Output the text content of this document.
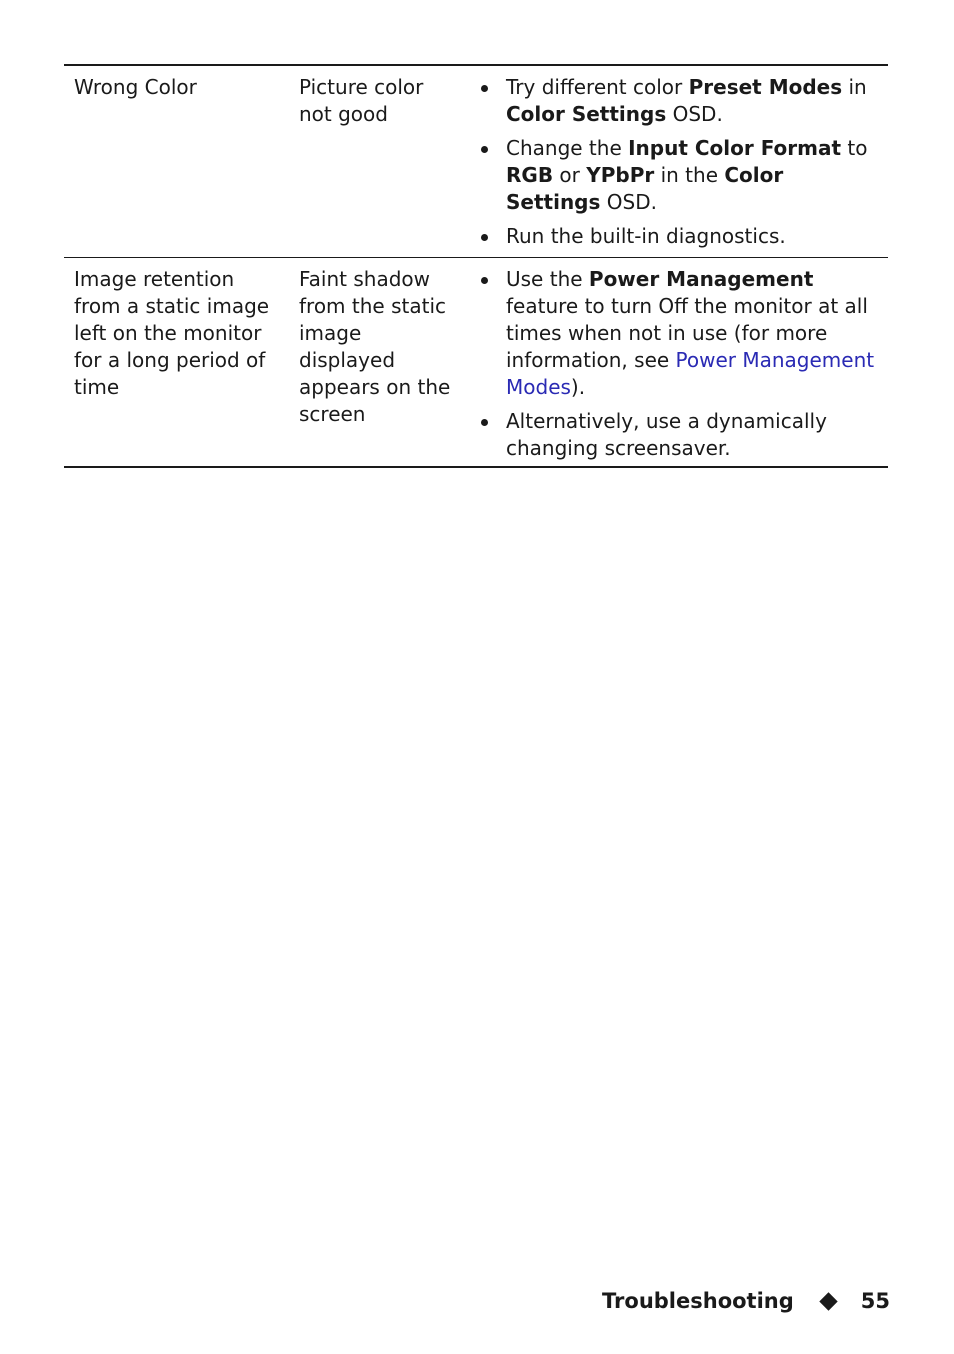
Wrong Color	Picture color not good
Try different color Preset Modes in Color Settings OSD.
Change the Input Color Format to RGB or YPbPr in the Color Settings OSD.
Run the built-in diagnostics.
Image retention from a static image left on the monitor for a long period of time
Faint shadow from the static image displayed appears on the screen
Use the Power Management feature to turn Off the monitor at all times when not in use (for more information, see Power Management Modes).
Alternatively, use a dynamically changing screensaver.
Troubleshooting	55
